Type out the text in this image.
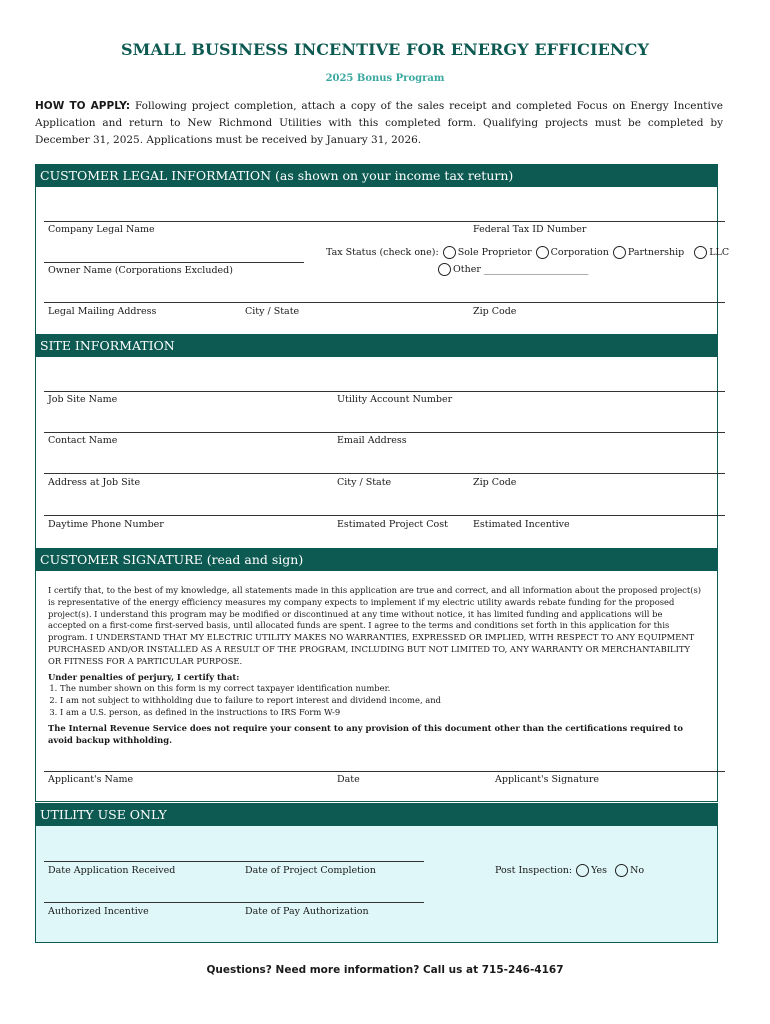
SMALL BUSINESS INCENTIVE FOR ENERGY EFFICIENCY
2025 Bonus Program
HOW TO APPLY: Following project completion, attach a copy of the sales receipt and completed Focus on Energy Incentive Application and return to New Richmond Utilities with this completed form. Qualifying projects must be completed by December 31, 2025. Applications must be received by January 31, 2026.
CUSTOMER LEGAL INFORMATION (as shown on your income tax return)
Company Legal Name	Federal Tax ID Number
Tax Status (check one): Sole Proprietor Corporation Partnership	LLC
Other ______________________
Owner Name (Corporations Excluded)
Legal Mailing Address	City / State	Zip Code
SITE INFORMATION
Job Site Name	Utility Account Number
Contact Name	Email Address
Address at Job Site	City / State	Zip Code
Daytime Phone Number	Estimated Project Cost	Estimated Incentive
CUSTOMER SIGNATURE (read and sign)

I certify that, to the best of my knowledge, all statements made in this application are true and correct, and all information about the proposed project(s) is representative of the energy efficiency measures my company expects to implement if my electric utility awards rebate funding for the proposed project(s). I understand this program may be modified or discontinued at any time without notice, it has limited funding and applications will be accepted on a first-come first-served basis, until allocated funds are spent. I agree to the terms and conditions set forth in this application for this program. I UNDERSTAND THAT MY ELECTRIC UTILITY MAKES NO WARRANTIES, EXPRESSED OR IMPLIED, WITH RESPECT TO ANY EQUIPMENT PURCHASED AND/OR INSTALLED AS A RESULT OF THE PROGRAM, INCLUDING BUT NOT LIMITED TO, ANY WARRANTY OR MERCHANTABILITY OR FITNESS FOR A PARTICULAR PURPOSE.

Under penalties of perjury, I certify that:

1. The number shown on this form is my correct taxpayer identification number.
2. I am not subject to withholding due to failure to report interest and dividend income, and
3. I am a U.S. person, as defined in the instructions to IRS Form W-9

The Internal Revenue Service does not require your consent to any provision of this document other than the certifications required to avoid backup withholding.

Applicant's Name	Date	Applicant's Signature
UTILITY USE ONLY
Date Application Received	Date of Project Completion	Post Inspection: Yes No
Authorized Incentive	Date of Pay Authorization
Questions? Need more information? Call us at 715-246-4167
